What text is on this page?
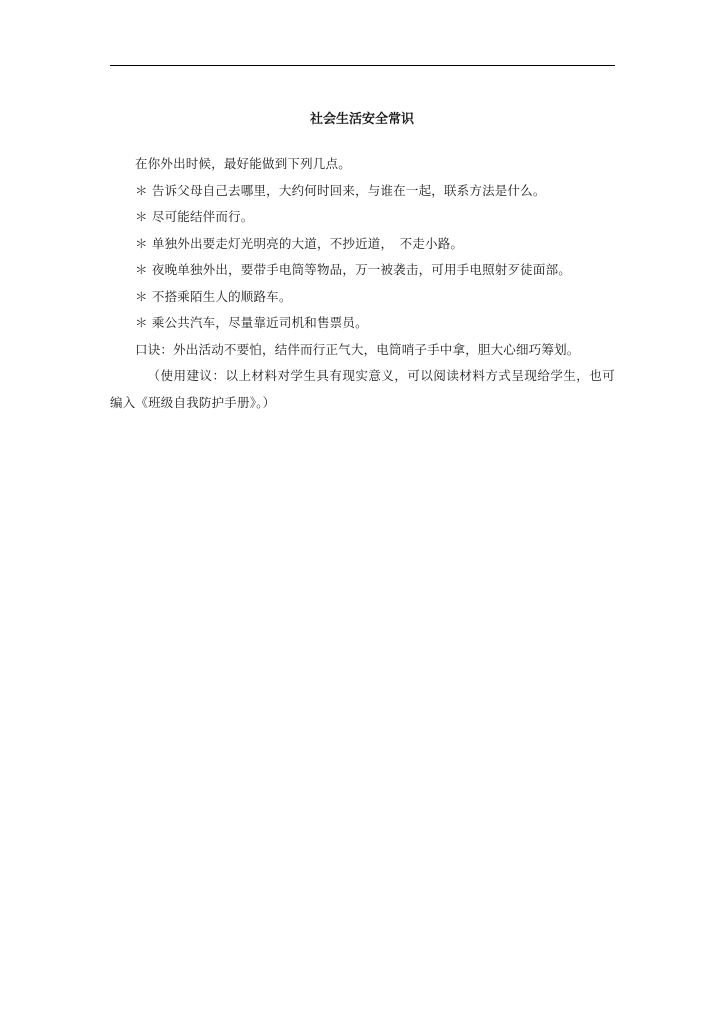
社会生活安全常识

在你外出时候，最好能做到下列几点。

＊ 告诉父母自己去哪里，大约何时回来，与谁在一起，联系方法是什么。

＊ 尽可能结伴而行。

＊ 单独外出要走灯光明亮的大道，不抄近道，　不走小路。

＊ 夜晚单独外出，要带手电筒等物品，万一被袭击，可用手电照射歹徒面部。

＊ 不搭乘陌生人的顺路车。

＊ 乘公共汽车，尽量靠近司机和售票员。

口诀：外出活动不要怕，结伴而行正气大，电筒哨子手中拿，胆大心细巧筹划。

（使用建议：以上材料对学生具有现实意义，可以阅读材料方式呈现给学生，也可编入《班级自我防护手册》。）
